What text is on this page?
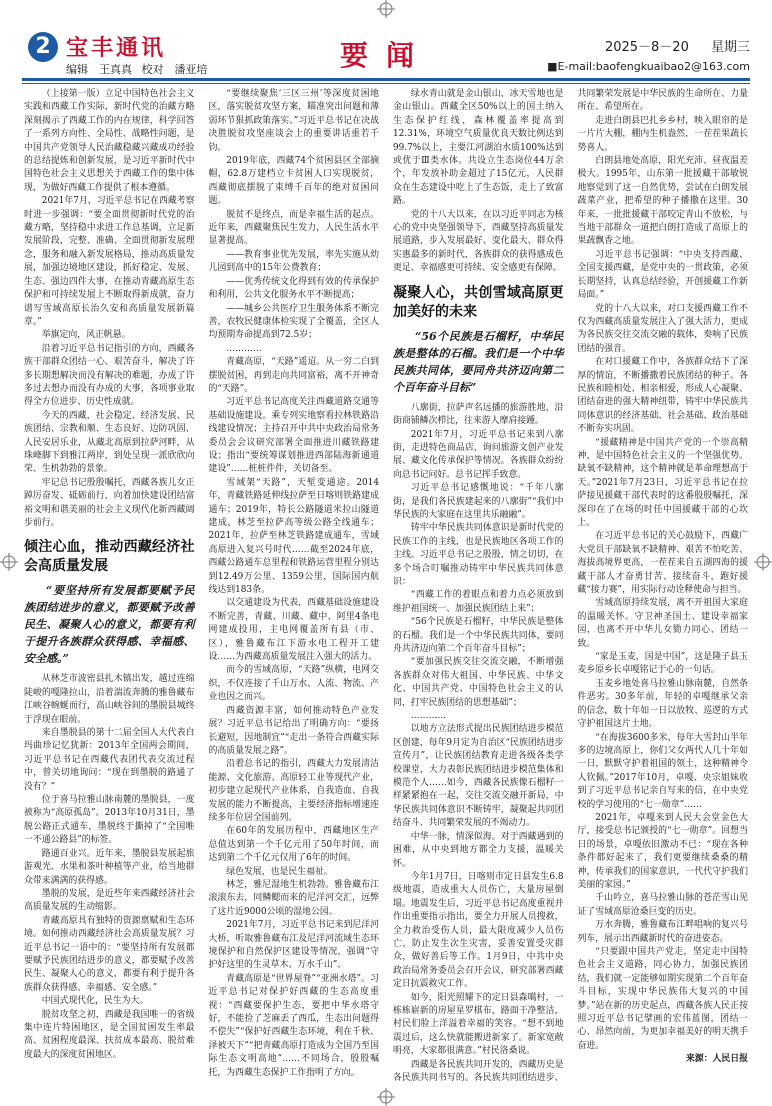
2 宝丰通讯
编辑　王真真 校对　潘亚培	要闻	2025－8－20 星期三
■E-mail:baofengkuaibao2@163.com

（上接第一版）立足中国特色社会主义实践和西藏工作实际，新时代党的治藏方略深刻揭示了西藏工作的内在规律，科学回答了一系列方向性、全局性、战略性问题，是中国共产党领导人民治藏稳藏兴藏成功经验的总结提炼和创新发展，是习近平新时代中国特色社会主义思想关于西藏工作的集中体现，为做好西藏工作提供了根本遵循。

2021年7月，习近平总书记在西藏考察时进一步强调：“要全面贯彻新时代党的治藏方略，坚持稳中求进工作总基调，立足新发展阶段，完整、准确、全面贯彻新发展理念，服务和融入新发展格局，推动高质量发展，加强边境地区建设，抓好稳定、发展、生态、强边四件大事，在推动青藏高原生态保护和可持续发展上不断取得新成就，奋力谱写雪域高原长治久安和高质量发展新篇章。”

举旗定向，风正帆悬。

沿着习近平总书记指引的方向，西藏各族干部群众团结一心、艰苦奋斗，解决了许多长期想解决而没有解决的难题，办成了许多过去想办而没有办成的大事，各项事业取得全方位进步、历史性成就。

今天的西藏，社会稳定、经济发展、民族团结、宗教和顺、生态良好、边防巩固、人民安居乐业，从藏北高原到拉萨河畔，从珠峰脚下到雅江两岸，到处呈现一派欣欣向荣、生机勃勃的景象。

牢记总书记殷殷嘱托，西藏各族儿女正踔厉奋发、砥砺前行，向着加快建设团结富裕文明和谐美丽的社会主义现代化新西藏阔步前行。

倾注心血，推动西藏经济社会高质量发展

“要坚持所有发展都要赋予民族团结进步的意义，都要赋予改善民生、凝聚人心的意义，都要有利于提升各族群众获得感、幸福感、安全感。”

从林芝市波密县扎木镇出发，越过连绵陡峻的嘎隆拉山，沿着湍流奔腾的雅鲁藏布江峡谷蜿蜒而行，高山峡谷间的墨脱县城终于浮现在眼前。

来自墨脱县的第十二届全国人大代表白玛曲珍记忆犹新：2013年全国两会期间，习近平总书记在西藏代表团代表交流过程中，曾关切地询问：“现在到墨脱的路通了没有？”

位于喜马拉雅山脉南麓的墨脱县，一度被称为“高原孤岛”。2013年10月31日，墨脱公路正式通车，墨脱终于撕掉了“全国唯一不通公路县”的标签。

路通百业兴。近年来，墨脱县发展起旅游观光、水果和茶叶种植等产业，给当地群众带来满满的获得感。

墨脱的发展，是近些年来西藏经济社会高质量发展的生动缩影。

青藏高原具有独特的资源禀赋和生态环境。如何推动西藏经济社会高质量发展？习近平总书记一语中的：“要坚持所有发展都要赋予民族团结进步的意义，都要赋予改善民生、凝聚人心的意义，都要有利于提升各族群众获得感、幸福感、安全感。”

中国式现代化，民生为大。

脱贫攻坚之初，西藏是我国唯一的省级集中连片特困地区，是全国贫困发生率最高、贫困程度最深、扶贫成本最高、脱贫难度最大的深度贫困地区。

“要继续聚焦‘三区三州’等深度贫困地区，落实脱贫攻坚方案，瞄准突出问题和薄弱环节狠抓政策落实。”习近平总书记在决战决胜脱贫攻坚座谈会上的重要讲话重若千钧。

2019年底，西藏74个贫困县区全部摘帽，62.8万建档立卡贫困人口实现脱贫，西藏彻底摆脱了束缚千百年的绝对贫困问题。

脱贫不是终点，而是幸福生活的起点。近年来，西藏聚焦民生发力，人民生活水平显著提高。

——教育事业优先发展，率先实施从幼儿园到高中的15年公费教育；

——优秀传统文化得到有效的传承保护和利用，公共文化服务水平不断提高；

——城乡公共医疗卫生服务体系不断完善，农牧民健康体检实现了全覆盖，全区人均预期寿命提高到72.5岁；

…………

青藏高原，“天路”遥迢。从一穷二白到摆脱贫困，再到走向共同富裕，离不开神奇的“天路”。

习近平总书记高度关注西藏道路交通等基础设施建设。乘专列实地察看拉林铁路沿线建设情况；主持召开中共中央政治局常务委员会会议研究部署全面推进川藏铁路建设；指出“要统筹谋划推进西部陆海新通道建设”……桩桩件件，关切备至。

雪域架“天路”，天堑变通途。2014年，青藏铁路延伸线拉萨至日喀则铁路建成通车；2019年，特长公路隧道米拉山隧道建成，林芝至拉萨高等级公路全线通车；2021年，拉萨至林芝铁路建成通车，雪域高原进入复兴号时代……截至2024年底，西藏公路通车总里程和铁路运营里程分别达到12.49万公里、1359公里，国际国内航线达到183条。

以交通建设为代表，西藏基础设施建设不断完善，青藏、川藏、藏中、阿里4条电网建成投用，主电网覆盖所有县（市、区），雅鲁藏布江下游水电工程开工建设……为西藏高质量发展注入强大的活力。

而今的雪域高原，“天路”纵横，电网交织，不仅连接了千山万水、人流、物流、产业也因之而兴。

西藏资源丰富，如何推动特色产业发展？习近平总书记给出了明确方向：“要扬长避短，因地制宜”“走出一条符合西藏实际的高质量发展之路”。

沿着总书记的指引，西藏大力发展清洁能源、文化旅游、高原轻工业等现代产业，初步建立起现代产业体系，自我造血、自我发展的能力不断提高，主要经济指标增速连续多年位居全国前列。

在60年的发展历程中，西藏地区生产总值达到第一个千亿元用了50年时间，而达到第二个千亿元仅用了6年的时间。

绿色发展，也是民生福祉。

林芝，雅尼湿地生机勃勃。雅鲁藏布江滚滚东去，同鳞鳃而来的尼洋河交汇，远弊了这片近9000公顷的湿地公园。

2021年7月，习近平总书记来到尼洋河大桥，听取雅鲁藏布江及尼洋河流域生态环境保护和自然保护区建设等情况，强调“守护好这里的生灵草木、万水千山”。

青藏高原是“世界屋脊”“亚洲水塔”。习近平总书记对保护好西藏的生态高度重视：“西藏要保护生态，要把中华水塔守好，不能捡了芝麻丢了西瓜，生态出问题得不偿失”“保护好西藏生态环境，利在千秋、泽被天下”“把青藏高原打造成为全国乃至国际生态文明高地”……不同场合，殷殷嘱托，为西藏生态保护工作指明了方向。

绿水青山就是金山银山，冰天雪地也是金山银山。西藏全区50%以上的国土纳入生态保护红线，森林覆盖率提高到12.31%，环境空气质量优良天数比例达到99.7%以上，主要江河湖泊水质100%达到或优于Ⅲ类水体。共设立生态岗位44万余个，年发放补助金超过了15亿元，人民群众在生态建设中吃上了生态饭，走上了致富路。

党的十八大以来，在以习近平同志为核心的党中央坚强领导下，西藏坚持高质量发展道路，步入发展最好、变化最大、群众得实惠最多的新时代，各族群众的获得感成色更足、幸福感更可持续、安全感更有保障。

凝聚人心，共创雪域高原更加美好的未来

“56个民族是石榴籽，中华民族是整体的石榴。我们是一个中华民族共同体，要同舟共济迈向第二个百年奋斗目标”

八廓街，拉萨声名远播的旅游胜地，沿街商铺鳞次栉比，往来游人摩肩接踵。

2021年7月，习近平总书记来到八廓街，走进特色商品店，询问旅游文创产业发展、藏文化传承保护等情况。各族群众纷纷向总书记问好。总书记挥手致意。

习近平总书记感慨地说：“千年八廓街，是我们各民族建起来的八廓街”“我们中华民族的大家庭在这里共乐融融”。

铸牢中华民族共同体意识是新时代党的民族工作的主线，也是民族地区各项工作的主线。习近平总书记之殷殷，情之切切，在多个场合叮嘱推动铸牢中华民族共同体意识：

“西藏工作的着眼点和着力点必须放到维护祖国统一、加强民族团结上来”；

“56个民族是石榴籽，中华民族是整体的石榴。我们是一个中华民族共同体，要同舟共济迈向第二个百年奋斗目标”；

“要加强民族交往交流交融，不断增强各族群众对伟大祖国、中华民族、中华文化、中国共产党、中国特色社会主义的认同，打牢民族团结的思想基础”；

…………

以地方立法形式提出民族团结进步模范区创建，每年9月定为自治区“民族团结进步宣传月”，让民族团结教育走进各级各类学校课堂，大力表彰民族团结进步模范集体和模范个人……如今，西藏各民族像石榴籽一样紧紧抱在一起，交往交流交融开新局，中华民族共同体意识不断铸牢，凝聚起共同团结奋斗、共同繁荣发展的不竭动力。

中华一脉，情深似海。对于西藏遇到的困难，从中央到地方都全力支援，温暖关怀。

今年1月7日，日喀则市定日县发生6.8级地震，造成重大人员伤亡，大量房屋倒塌。地震发生后，习近平总书记高度重视并作出重要指示指出，要全力开展人员搜救，全力救治受伤人员，最大限度减少人员伤亡，防止发生次生灾害，妥善安置受灾群众，做好善后等工作。1月9日，中共中央政治局常务委员会召开会议，研究部署西藏定日抗震救灾工作。

如今，阳光照耀下的定日县森噶村，一栋栋崭新的房屋星罗棋布，路面干净整洁，村民们脸上洋溢着幸福的笑容。“想不到地震过后，这么快就能搬进新家了。新家宽敞明亮，大家都很满意。”村民洛桑说。

西藏是各民族共同开发的，西藏历史是各民族共同书写的。各民族共同团结进步、共同繁荣发展是中华民族的生命所在、力量所在、希望所在。

走进白朗县巴扎乡乡村，映入眼帘的是一片片大棚，棚内生机盎然，一茬茬果蔬长势喜人。

白朗县地处高原，阳光充沛、昼夜温差极大。1995年，山东第一批援藏干部敏锐地察觉到了这一自然优势，尝试在白朗发展蔬菜产业，把希望的种子播撒在这里。30年来，一批批援藏干部咬定青山不放松，与当地干部群众一道把白朗打造成了高原上的果蔬飘香之地。

习近平总书记强调：“中央支持西藏、全国支援西藏，是党中央的一贯政策，必须长期坚持，认真总结经验，开创援藏工作新局面。”

党的十八大以来，对口支援西藏工作不仅为西藏高质量发展注入了强大活力，更成为各民族交往交流交融的载体，奏响了民族团结的强音。

在对口援藏工作中，各族群众结下了深厚的情谊，不断播撒着民族团结的种子。各民族和睦相处、相亲相爱，形成人心凝聚、团结奋进的强大精神纽带，铸牢中华民族共同体意识的经济基础、社会基础、政治基础不断夯实巩固。

“援藏精神是中国共产党的一个崇高精神，是中国特色社会主义的一个坚强优势。缺氧不缺精神，这个精神就是革命理想高于天。”2021年7月23日，习近平总书记在拉萨接见援藏干部代表时的这番殷殷嘱托，深深印在了在场的时任中国援藏干部的心坎上。

在习近平总书记的关心鼓励下，西藏广大党员干部缺氧不缺精神、艰苦不怕吃苦、海拔高境界更高，一茬茬来自五湖四海的援藏干部人才奋勇甘苦、接续奋斗，跑好援藏“接力赛”，用实际行动诠释使命与担当。

雪域高原持续发展，离不开祖国大家庭的温暖关怀。守卫神圣国土、建设幸福家园，也离不开中华儿女勠力同心、团结一致。

“家是玉麦，国是中国”，这是隆子县玉麦乡原乡长卓嘎铭记于心的一句话。

玉麦乡地处喜马拉雅山脉南麓，自然条件恶劣。30多年前，年轻的卓嘎继承父亲的信念，数十年如一日以放牧、巡逻的方式守护祖国这片土地。

“在海拔3600多米、每年大雪封山半年多的边境高原上，你们父女两代人几十年如一日，默默守护着祖国的领土，这种精神令人钦佩。”2017年10月，卓嘎、央宗姐妹收到了习近平总书记亲自写来的信，在中央党校的学习使用的“七一勋章”……

2021年，卓嘎来到人民大会堂金色大厅，接受总书记颁授的“七一勋章”。回想当日的场景，卓嘎依旧激动不已：“现在各种条件都好起来了，我们更要继续桑桑的精神，传承我们的国家意识，一代代守护我们美丽的家园。”

千山吟立，喜马拉雅山脉的苍茫雪山见证了雪域高原沧桑巨变的历史。

万水奔腾，雅鲁藏布江畔唱响的复兴号列车，展示出西藏新时代的奋进姿态。

“只要跟中国共产党走，坚定走中国特色社会主义道路，同心协力，加强民族团结，我们就一定能够如期实现第二个百年奋斗目标，实现中华民族伟大复兴的中国梦。”站在新的历史起点，西藏各族人民正按照习近平总书记擘画的宏伟蓝图，团结一心、昂然向前，为更加幸福美好的明天携手奋进。

来源：人民日报
